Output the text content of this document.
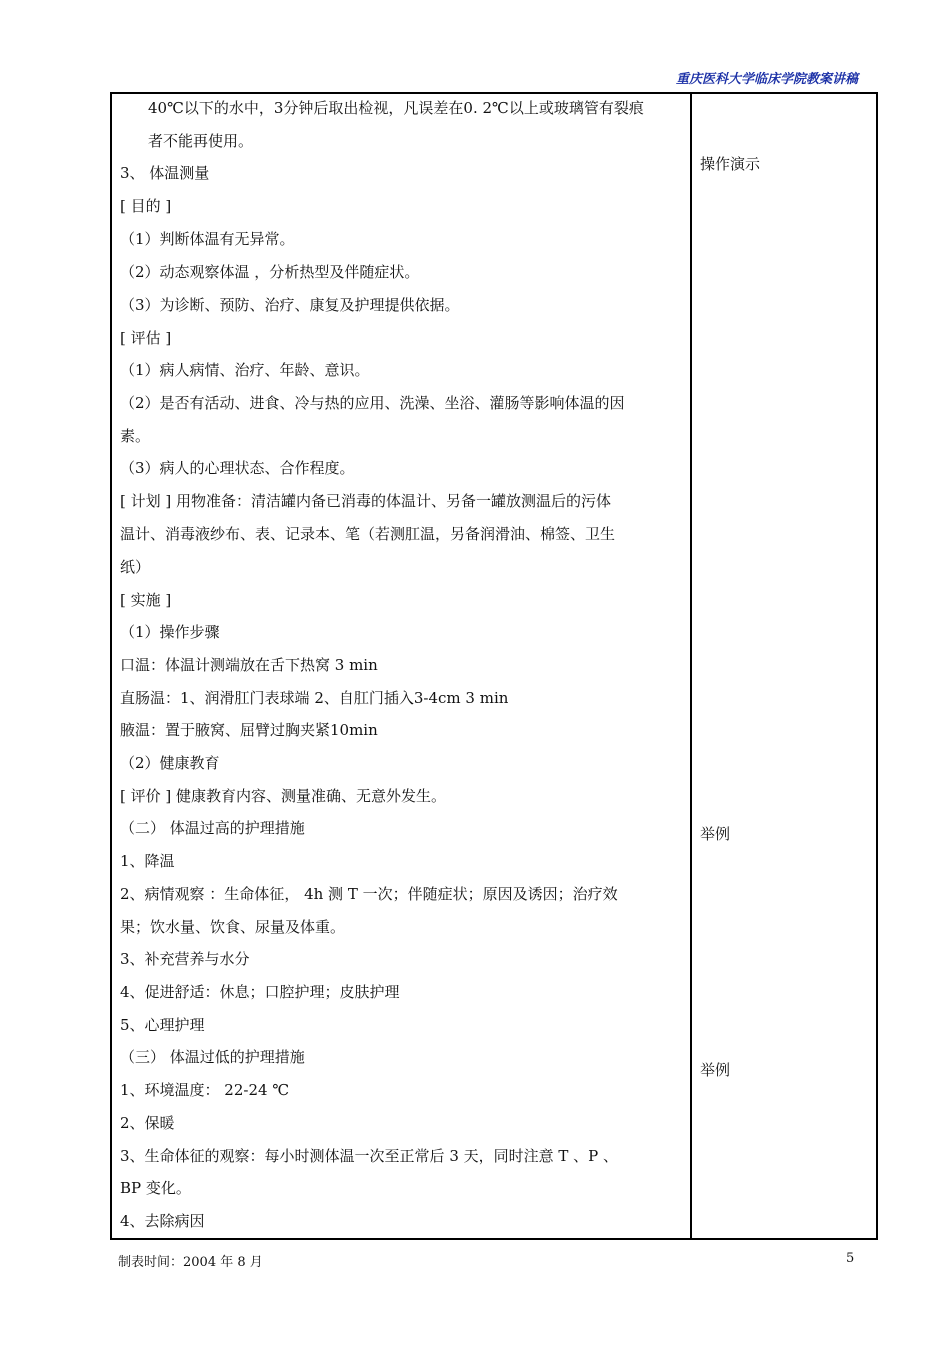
重庆医科大学临床学院教案讲稿
40℃以下的水中，3分钟后取出检视，凡误差在0. 2℃以上或玻璃管有裂痕
者不能再使用。
3、 体温测量
[ 目的 ]
（1）判断体温有无异常。
（2）动态观察体温 ，分析热型及伴随症状。
（3）为诊断、预防、治疗、康复及护理提供依据。
[ 评估 ]
（1）病人病情、治疗、年龄、意识。
（2）是否有活动、进食、冷与热的应用、洗澡、坐浴、灌肠等影响体温的因
素。
（3）病人的心理状态、合作程度。
[ 计划 ] 用物准备：清洁罐内备已消毒的体温计、另备一罐放测温后的污体
温计、消毒液纱布、表、记录本、笔（若测肛温，另备润滑油、棉签、卫生
纸）
[ 实施 ]
（1）操作步骤
口温：体温计测端放在舌下热窝 3 min
直肠温：1、润滑肛门表球端 2、自肛门插入3-4cm 3 min
腋温：置于腋窝、屈臂过胸夹紧10min
（2）健康教育
[ 评价 ] 健康教育内容、测量准确、无意外发生。
（二） 体温过高的护理措施
1、降温
2、病情观察 ：生命体征， 4h 测 T 一次；伴随症状；原因及诱因；治疗效
果；饮水量、饮食、尿量及体重。
3、补充营养与水分
4、促进舒适：休息；口腔护理；皮肤护理
5、心理护理
（三） 体温过低的护理措施
1、环境温度： 22-24 ℃
2、保暖
3、生命体征的观察：每小时测体温一次至正常后 3 天，同时注意 T 、P 、
BP 变化。
4、去除病因
操作演示
举例
举例
制表时间：2004 年 8 月	5
